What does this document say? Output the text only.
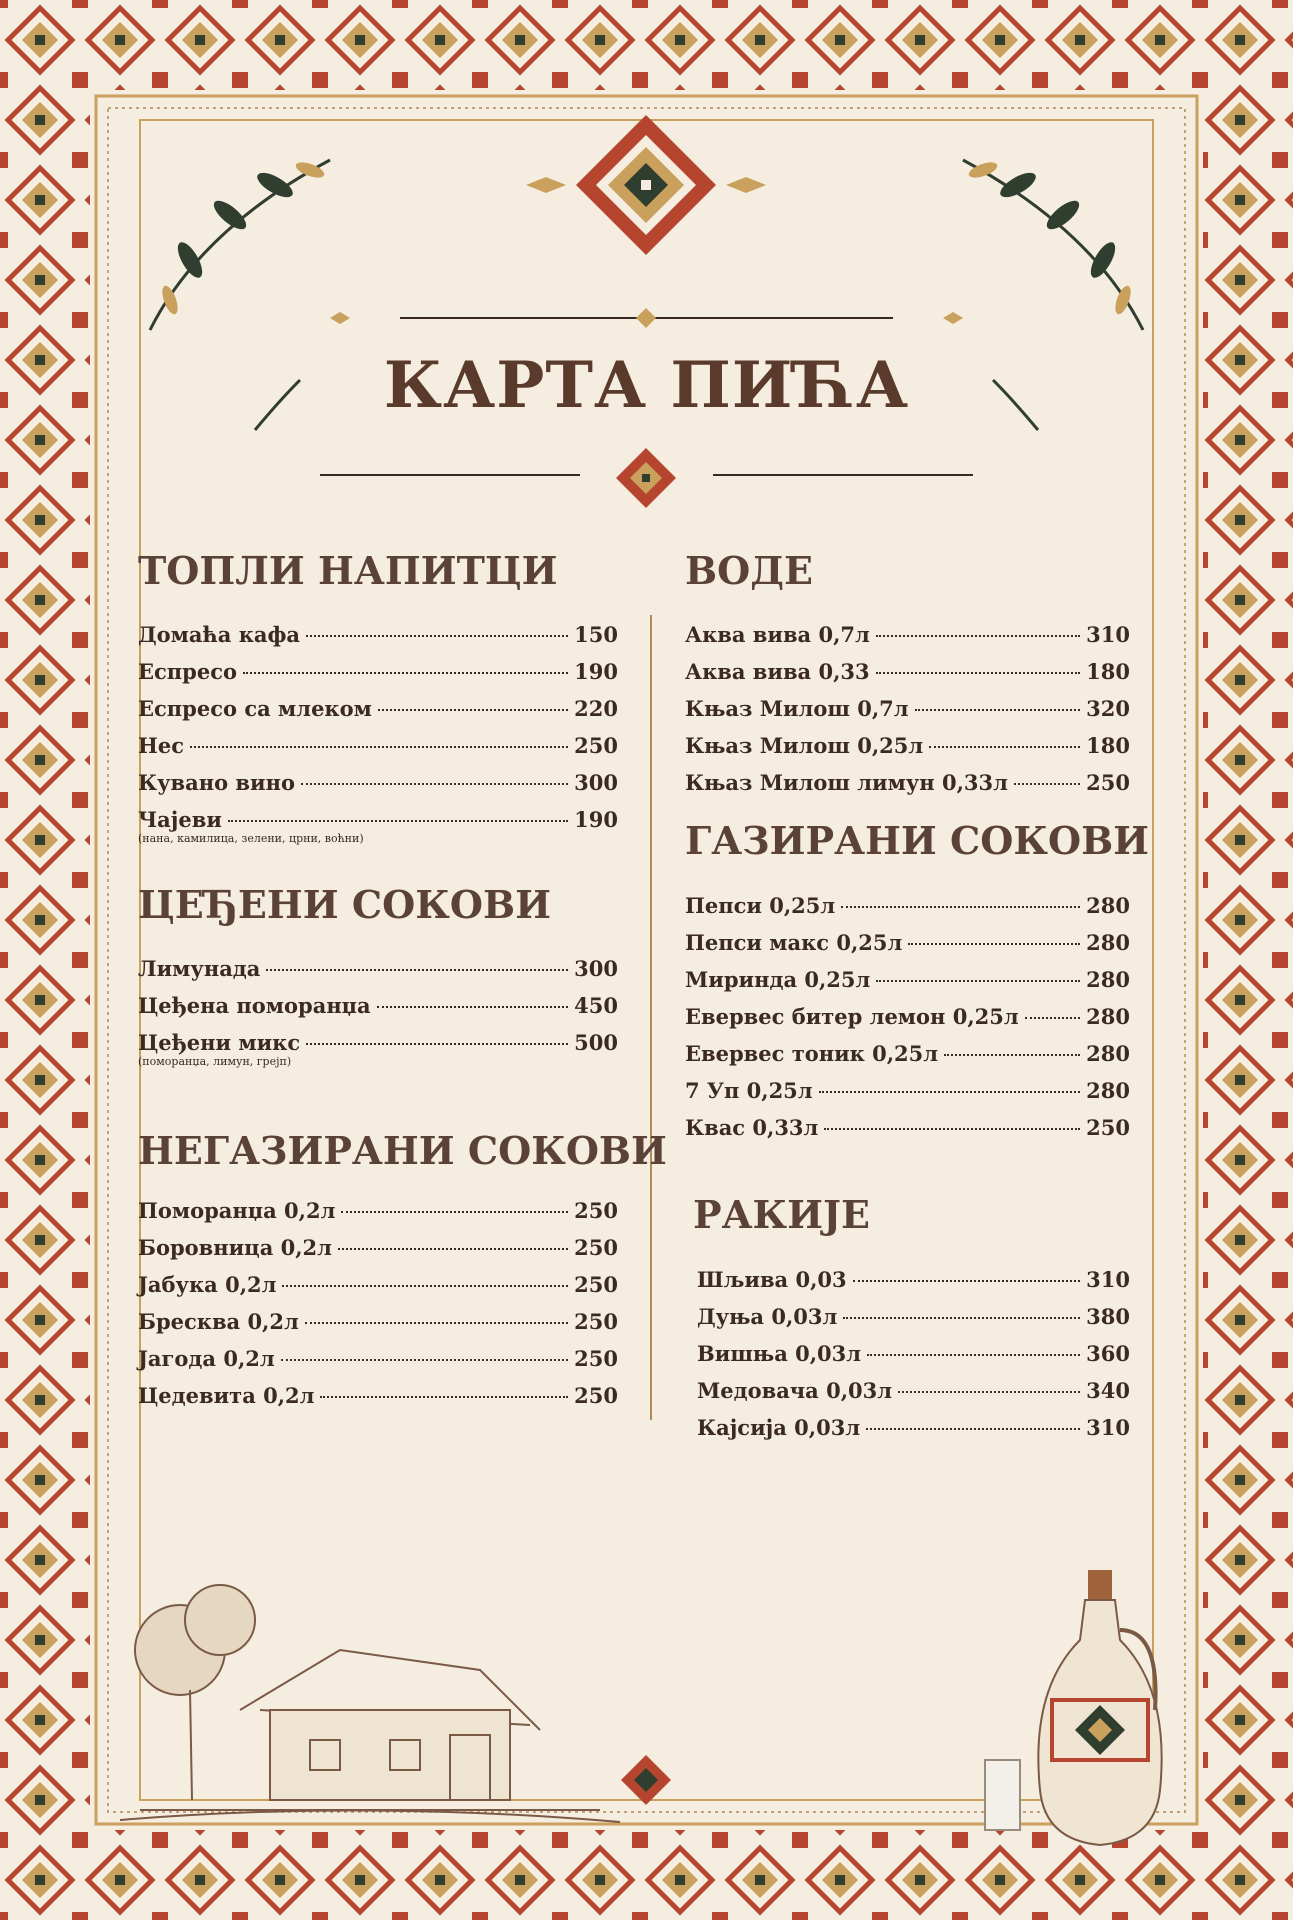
КАРТА ПИЋА
ТОПЛИ НАПИТЦИ
Домаћа кафа	150
Еспресо	190
Еспресо са млеком	220
Нес	250
Кувано вино	300
Чајеви	190
(нана, камилица, зелени, црни, воћни)
ЦЕЂЕНИ СОКОВИ
Лимунада	300
Цеђена поморанџа	450
Цеђени микс	500
(поморанџа, лимун, грејп)
НЕГАЗИРАНИ СОКОВИ
Поморанџа 0,2л	250
Боровница 0,2л	250
Јабука 0,2л	250
Бресква 0,2л	250
Јагода 0,2л	250
Цедевита 0,2л	250
ВОДЕ
Аква вива 0,7л	310
Аква вива 0,33	180
Књаз Милош 0,7л	320
Књаз Милош 0,25л	180
Књаз Милош лимун 0,33л	250
ГАЗИРАНИ СОКОВИ
Пепси 0,25л	280
Пепси макс 0,25л	280
Миринда 0,25л	280
Евервес битер лемон 0,25л	280
Евервес тоник 0,25л	280
7 Уп 0,25л	280
Квас 0,33л	250
РАКИЈЕ
Шљива 0,03	310
Дуња 0,03л	380
Вишња 0,03л	360
Медовача 0,03л	340
Кајсија 0,03л	310
